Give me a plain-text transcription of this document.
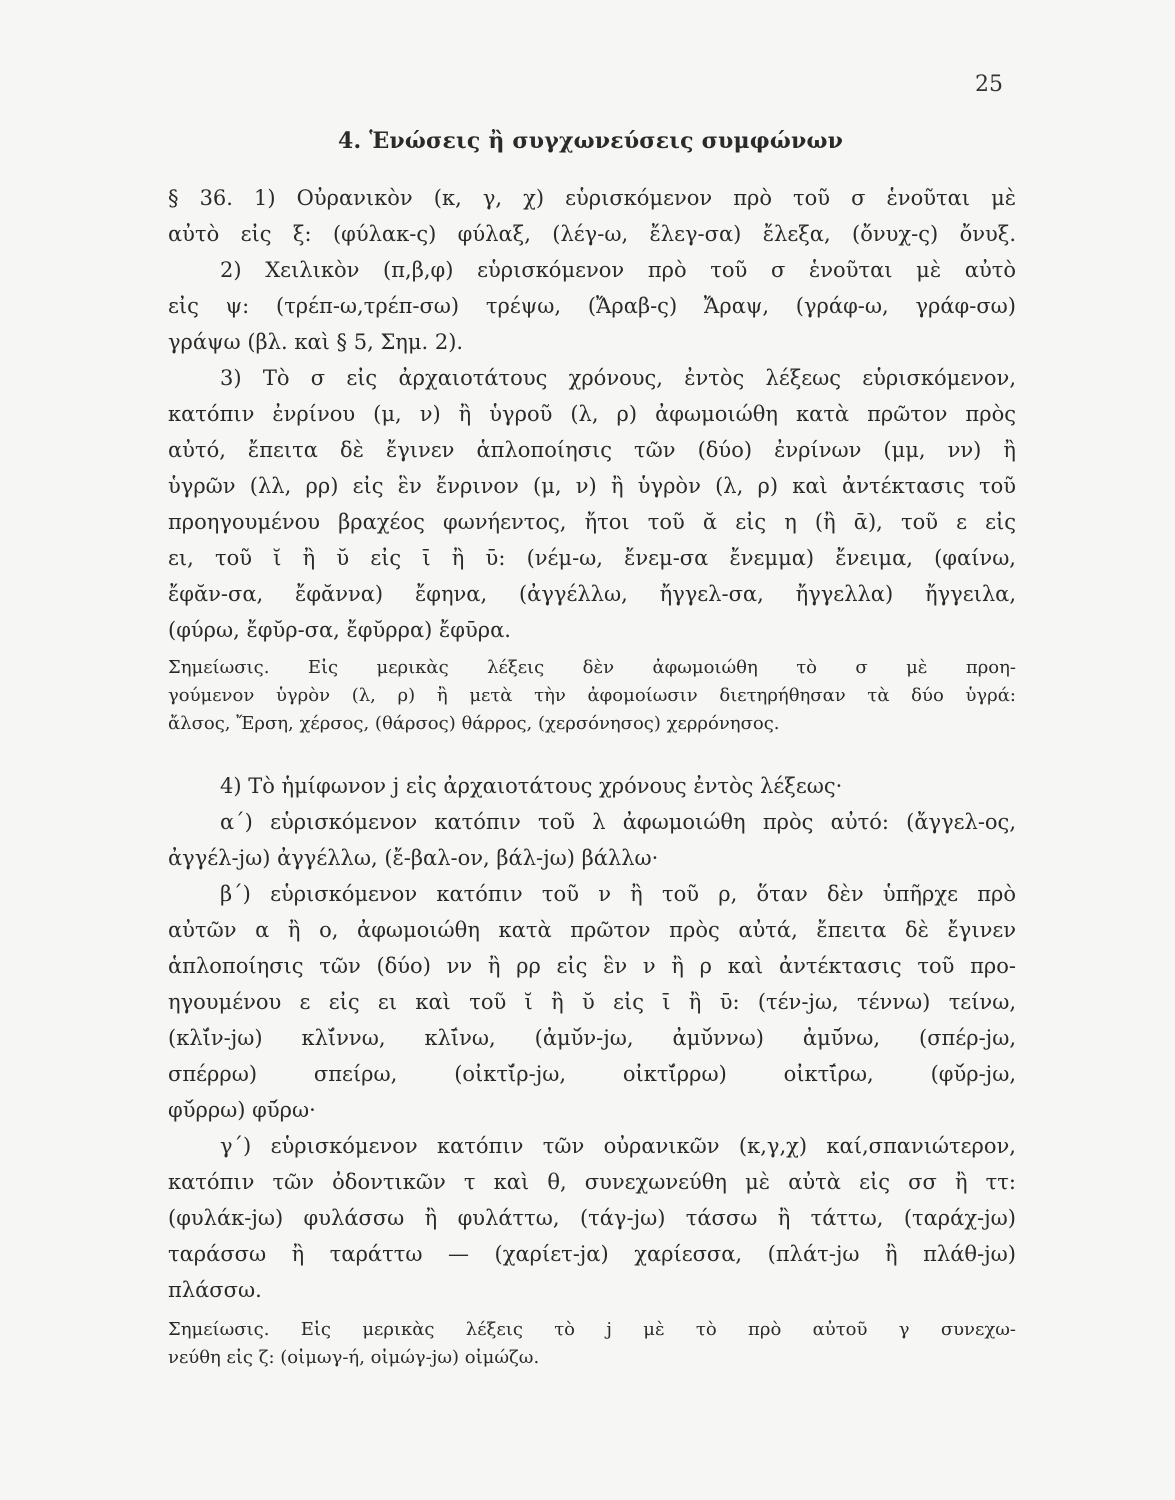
25
4. Ἑνώσεις ἢ συγχωνεύσεις συμφώνων
§ 36. 1) Οὐρανικὸν (κ, γ, χ) εὑρισκόμενον πρὸ τοῦ σ ἑνοῦται μὲ
αὐτὸ εἰς ξ: (φύλακ-ς) φύλαξ, (λέγ-ω, ἔλεγ-σα) ἔλεξα, (ὄνυχ-ς) ὄνυξ.
2) Χειλικὸν (π,β,φ) εὑρισκόμενον πρὸ τοῦ σ ἑνοῦται μὲ αὐτὸ
εἰς ψ: (τρέπ-ω,τρέπ-σω) τρέψω, (Ἄραβ-ς) Ἄραψ, (γράφ-ω, γράφ-σω)
γράψω (βλ. καὶ § 5, Σημ. 2).
3) Τὸ σ εἰς ἀρχαιοτάτους χρόνους, ἐντὸς λέξεως εὑρισκόμενον,
κατόπιν ἐνρίνου (μ, ν) ἢ ὑγροῦ (λ, ρ) ἀφωμοιώθη κατὰ πρῶτον πρὸς
αὐτό, ἔπειτα δὲ ἔγινεν ἁπλοποίησις τῶν (δύο) ἐνρίνων (μμ, νν) ἢ
ὑγρῶν (λλ, ρρ) εἰς ἓν ἔνρινον (μ, ν) ἢ ὑγρὸν (λ, ρ) καὶ ἀντέκτασις τοῦ
προηγουμένου βραχέος φωνήεντος, ἤτοι τοῦ ᾰ εἰς η (ἢ ᾱ), τοῦ ε εἰς
ει, τοῦ ῐ ἢ ῠ εἰς ῑ ἢ ῡ: (νέμ-ω, ἔνεμ-σα ἔνεμμα) ἔνειμα, (φαίνω,
ἔφᾰν-σα, ἔφᾰννα) ἔφηνα, (ἀγγέλλω, ἤγγελ-σα, ἤγγελλα) ἤγγειλα,
(φύρω, ἔφῠρ-σα, ἔφῠρρα) ἔφῡρα.
Σημείωσις. Εἰς μερικὰς λέξεις δὲν ἀφωμοιώθη τὸ σ μὲ προη-
γούμενον ὑγρὸν (λ, ρ) ἢ μετὰ τὴν ἀφομοίωσιν διετηρήθησαν τὰ δύο ὑγρά:
ἄλσος, Ἔρση, χέρσος, (θάρσος) θάρρος, (χερσόνησος) χερρόνησος.
4) Τὸ ἡμίφωνον j εἰς ἀρχαιοτάτους χρόνους ἐντὸς λέξεως·
α΄) εὑρισκόμενον κατόπιν τοῦ λ ἀφωμοιώθη πρὸς αὐτό: (ἄγγελ-ος,
ἀγγέλ-jω) ἀγγέλλω, (ἔ-βαλ-ον, βάλ-jω) βάλλω·
β΄) εὑρισκόμενον κατόπιν τοῦ ν ἢ τοῦ ρ, ὅταν δὲν ὑπῆρχε πρὸ
αὐτῶν α ἢ ο, ἀφωμοιώθη κατὰ πρῶτον πρὸς αὐτά, ἔπειτα δὲ ἔγινεν
ἁπλοποίησις τῶν (δύο) νν ἢ ρρ εἰς ἓν ν ἢ ρ καὶ ἀντέκτασις τοῦ προ-
ηγουμένου ε εἰς ει καὶ τοῦ ῐ ἢ ῠ εἰς ῑ ἢ ῡ: (τέν-jω, τέννω) τείνω,
(κλῐ́ν-jω) κλῐ́ννω, κλῑ́νω, (ἀμῠ́ν-jω, ἀμῠ́ννω) ἀμῡ́νω, (σπέρ-jω,
σπέρρω) σπείρω, (οἰκτῐ́ρ-jω, οἰκτῐ́ρρω) οἰκτῑ́ρω, (φῠ́ρ-jω,
φῠ́ρρω) φῡ́ρω·
γ΄) εὑρισκόμενον κατόπιν τῶν οὐρανικῶν (κ,γ,χ) καί,σπανιώτερον,
κατόπιν τῶν ὀδοντικῶν τ καὶ θ, συνεχωνεύθη μὲ αὐτὰ εἰς σσ ἢ ττ:
(φυλάκ-jω) φυλάσσω ἢ φυλάττω, (τάγ-jω) τάσσω ἢ τάττω, (ταράχ-jω)
ταράσσω ἢ ταράττω — (χαρίετ-jα) χαρίεσσα, (πλάτ-jω ἢ πλάθ-jω)
πλάσσω.
Σημείωσις. Εἰς μερικὰς λέξεις τὸ j μὲ τὸ πρὸ αὐτοῦ γ συνεχω-
νεύθη εἰς ζ: (οἰμωγ-ή, οἰμώγ-jω) οἰμώζω.
